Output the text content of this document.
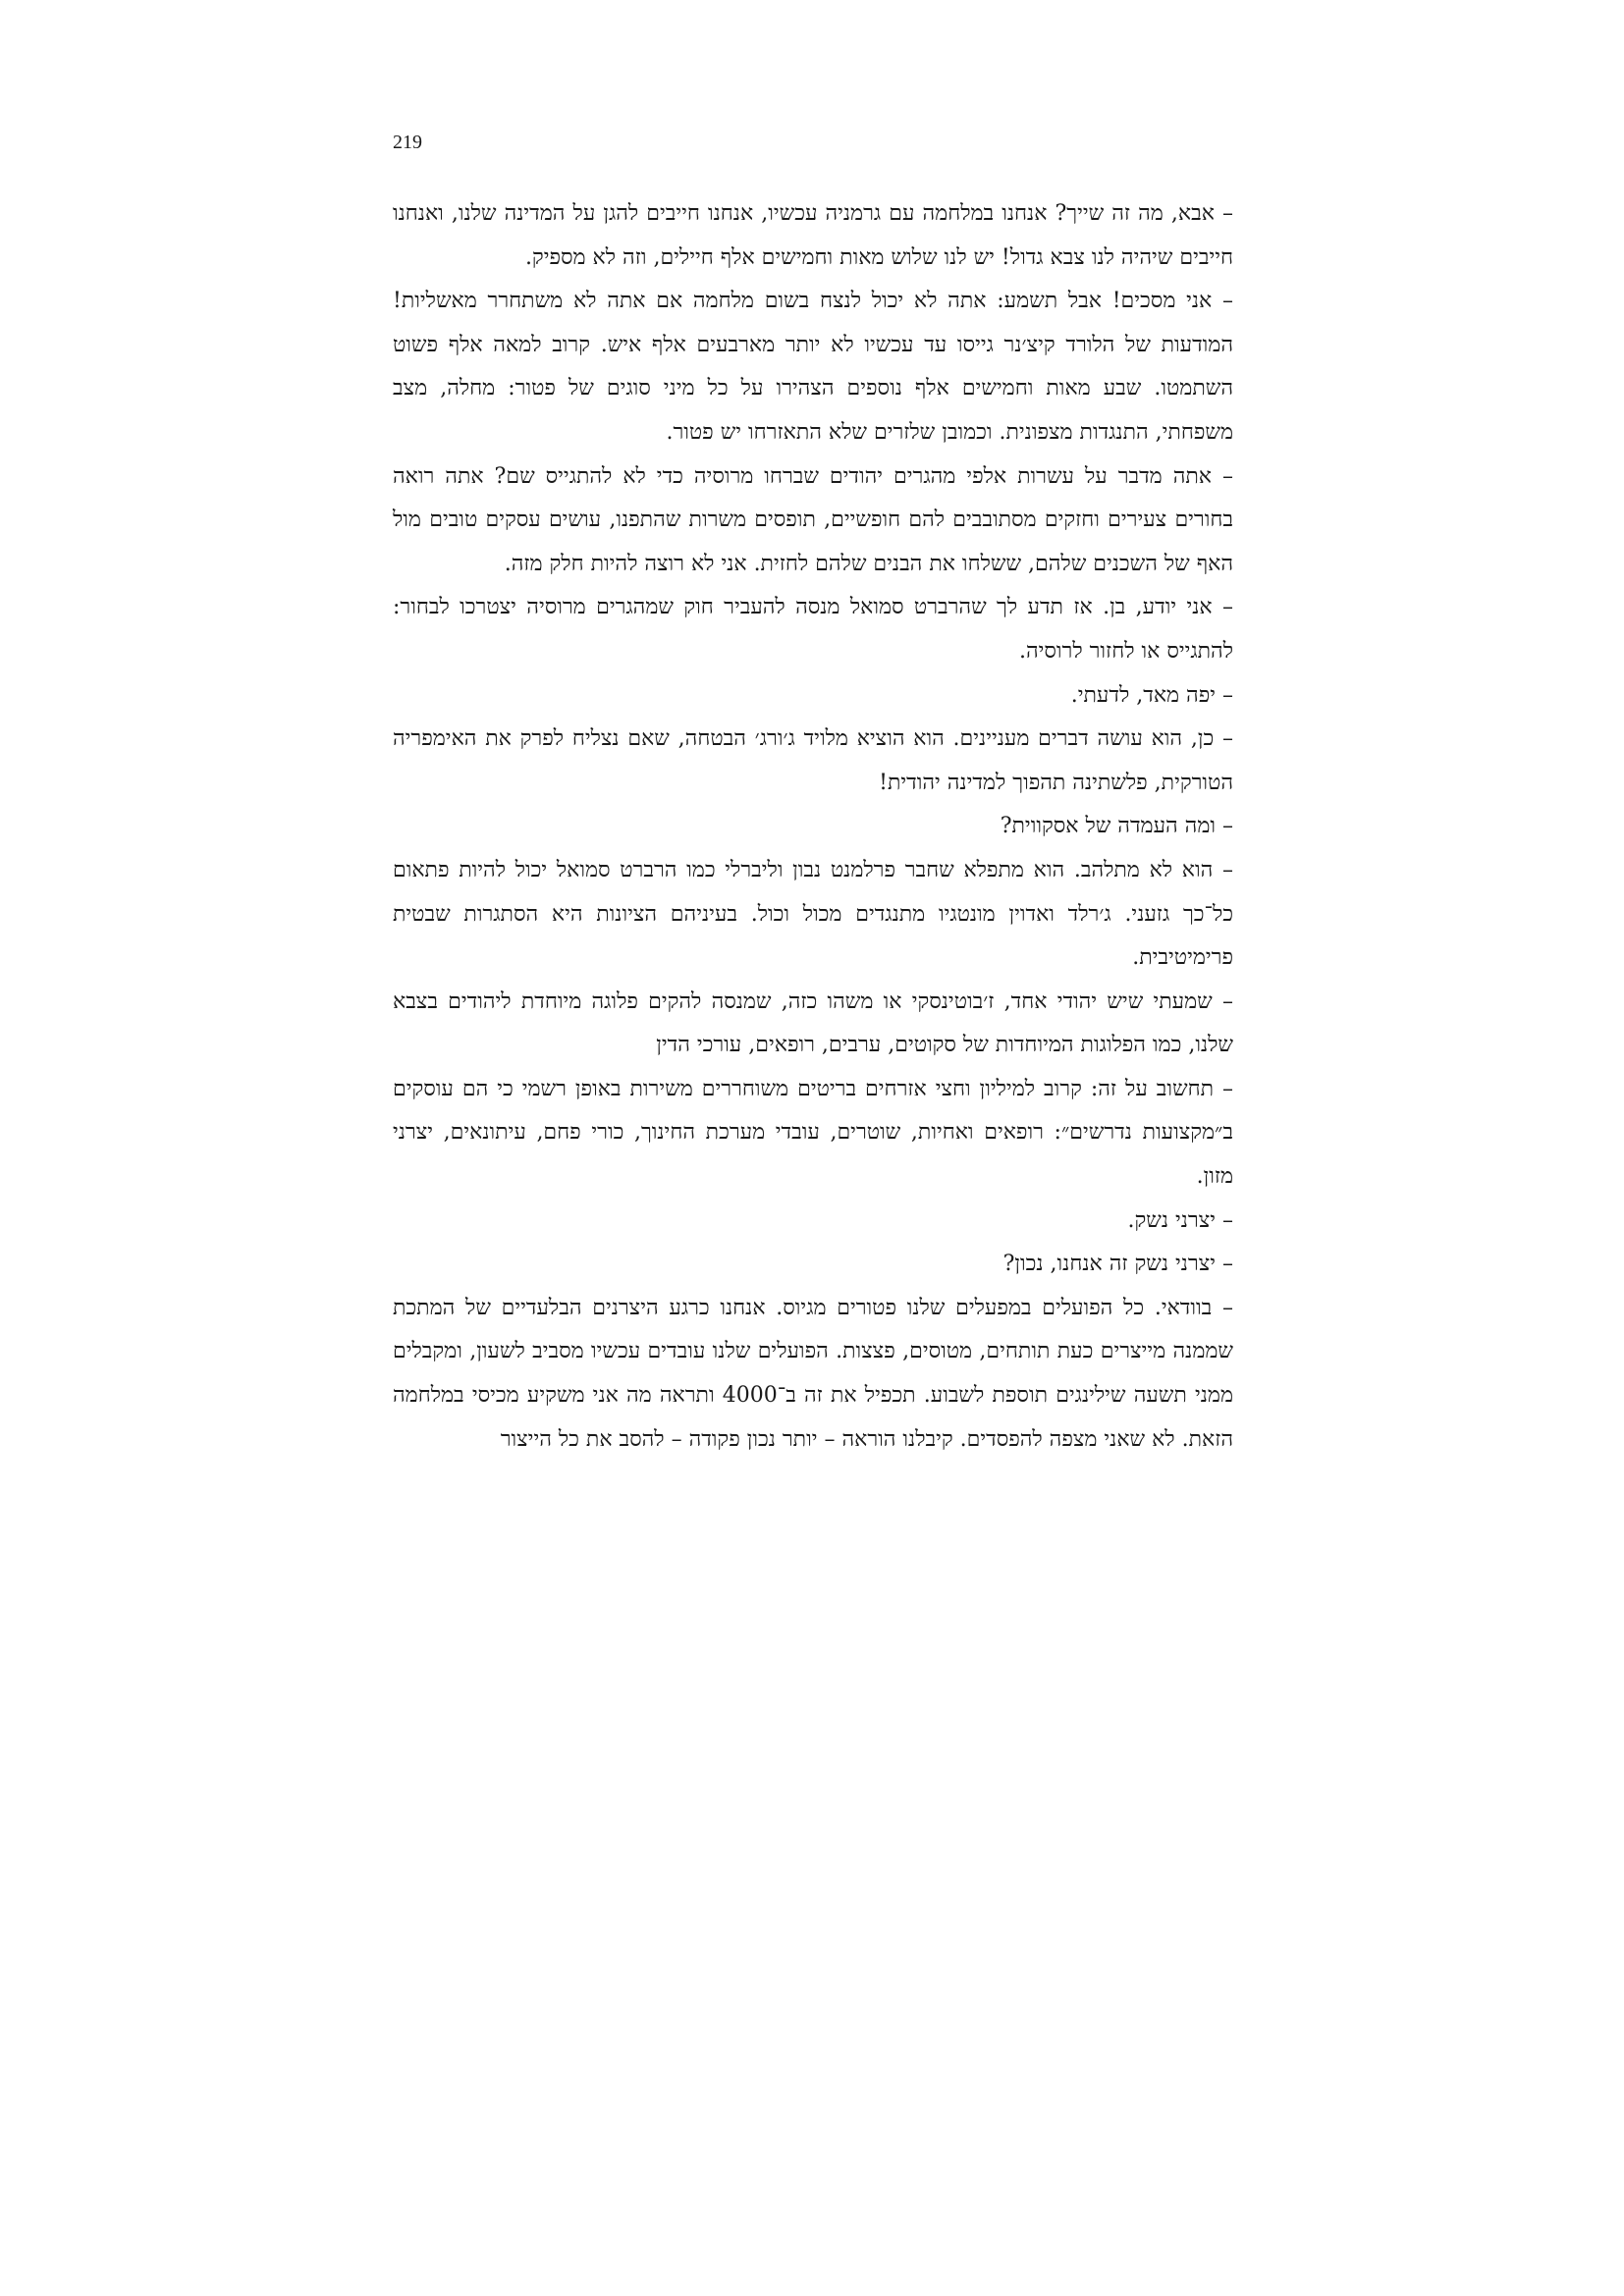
219

– אבא, מה זה שייך? אנחנו במלחמה עם גרמניה עכשיו, אנחנו חייבים להגן על המדינה שלנו, ואנחנו חייבים שיהיה לנו צבא גדול! יש לנו שלוש מאות וחמישים אלף חיילים, וזה לא מספיק.

– אני מסכים! אבל תשמע: אתה לא יכול לנצח בשום מלחמה אם אתה לא משתחרר מאשליות! המודעות של הלורד קיצ׳נר גייסו עד עכשיו לא יותר מארבעים אלף איש. קרוב למאה אלף פשוט השתמטו. שבע מאות וחמישים אלף נוספים הצהירו על כל מיני סוגים של פטור: מחלה, מצב משפחתי, התנגדות מצפונית. וכמובן שלזרים שלא התאזרחו יש פטור.

– אתה מדבר על עשרות אלפי מהגרים יהודים שברחו מרוסיה כדי לא להתגייס שם? אתה רואה בחורים צעירים וחזקים מסתובבים להם חופשיים, תופסים משרות שהתפנו, עושים עסקים טובים מול האף של השכנים שלהם, ששלחו את הבנים שלהם לחזית. אני לא רוצה להיות חלק מזה.

– אני יודע, בן. אז תדע לך שהרברט סמואל מנסה להעביר חוק שמהגרים מרוסיה יצטרכו לבחור: להתגייס או לחזור לרוסיה.

– יפה מאד, לדעתי.

– כן, הוא עושה דברים מעניינים. הוא הוציא מלויד ג׳ורג׳ הבטחה, שאם נצליח לפרק את האימפריה הטורקית, פלשתינה תהפוך למדינה יהודית!

– ומה העמדה של אסקווית?

– הוא לא מתלהב. הוא מתפלא שחבר פרלמנט נבון וליברלי כמו הרברט סמואל יכול להיות פתאום כל־כך גזעני. ג׳רלד ואדוין מונטגיו מתנגדים מכול וכול. בעיניהם הציונות היא הסתגרות שבטית פרימיטיבית.

– שמעתי שיש יהודי אחד, ז׳בוטינסקי או משהו כזה, שמנסה להקים פלוגה מיוחדת ליהודים בצבא שלנו, כמו הפלוגות המיוחדות של סקוטים, ערבים, רופאים, עורכי הדין

– תחשוב על זה: קרוב למיליון וחצי אזרחים בריטים משוחררים משירות באופן רשמי כי הם עוסקים ב״מקצועות נדרשים״: רופאים ואחיות, שוטרים, עובדי מערכת החינוך, כורי פחם, עיתונאים, יצרני מזון.

– יצרני נשק.

– יצרני נשק זה אנחנו, נכון?

– בוודאי. כל הפועלים במפעלים שלנו פטורים מגיוס. אנחנו כרגע היצרנים הבלעדיים של המתכת שממנה מייצרים כעת תותחים, מטוסים, פצצות. הפועלים שלנו עובדים עכשיו מסביב לשעון, ומקבלים ממני תשעה שילינגים תוספת לשבוע. תכפיל את זה ב־4000 ותראה מה אני משקיע מכיסי במלחמה הזאת. לא שאני מצפה להפסדים. קיבלנו הוראה – יותר נכון פקודה – להסב את כל הייצור
